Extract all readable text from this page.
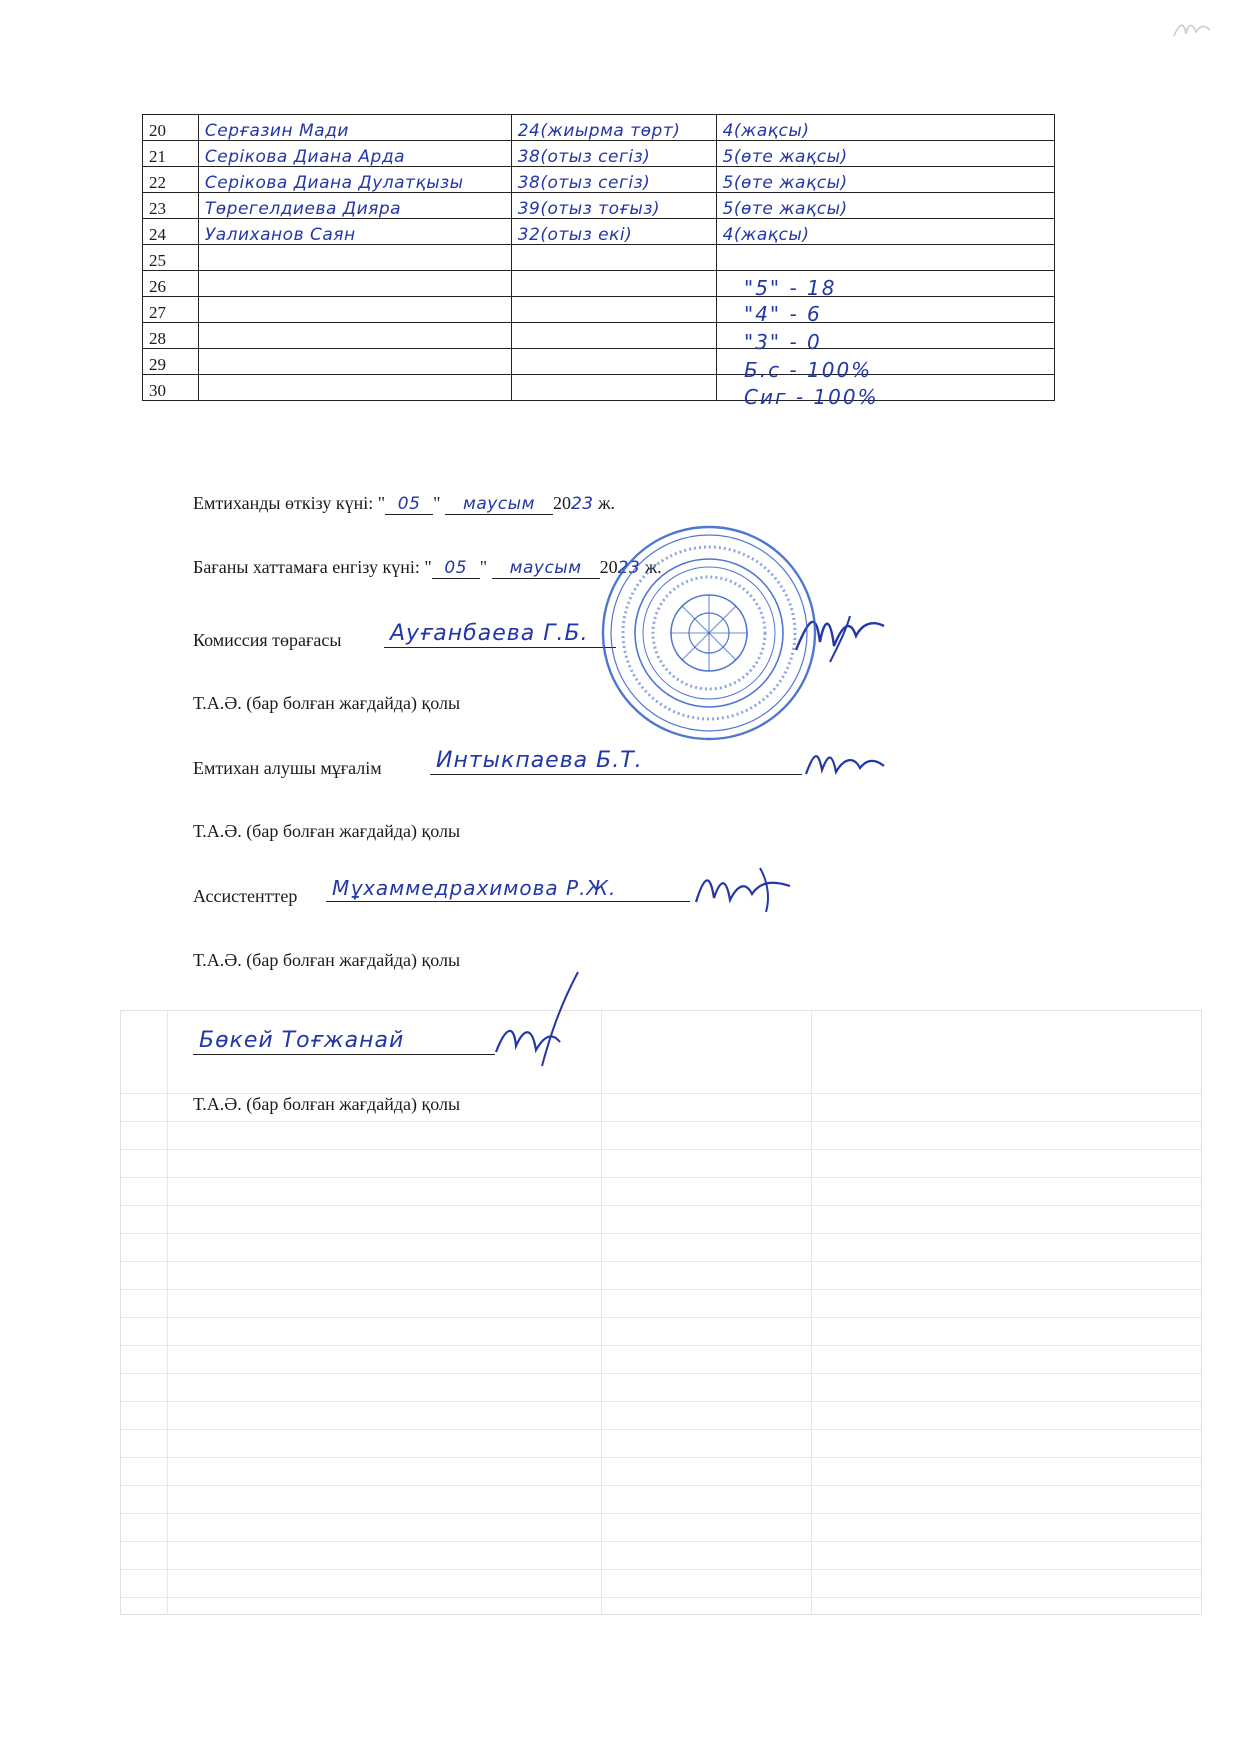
20	Серғазин Мади	24(жиырма төрт)	4(жақсы)
21	Серікова Диана Арда	38(отыз сегіз)	5(өте жақсы)
22	Серікова Диана Дулатқызы	38(отыз сегіз)	5(өте жақсы)
23	Төрегелдиева Дияра	39(отыз тоғыз)	5(өте жақсы)
24	Уалиханов Саян	32(отыз екі)	4(жақсы)
25			
26			
27			
28			
29			
30			
"5" - 18
"4" - 6
"3" - 0
Б.с - 100%
Сиг - 100%
Емтиханды өткізу күні: " 05 " маусым 2023 ж.
Бағаны хаттамаға енгізу күні: " 05 " маусым 2023 ж.
Комиссия төрағасы Ауғанбаева Г.Б.
Т.А.Ә. (бар болған жағдайда) қолы
Емтихан алушы мұғалім Интыкпаева Б.Т.
Т.А.Ә. (бар болған жағдайда) қолы
Ассистенттер	Мұхаммедрахимова Р.Ж.
Т.А.Ә. (бар болған жағдайда) қолы
Бөкей Тоғжанай
Т.А.Ә. (бар болған жағдайда) қолы
